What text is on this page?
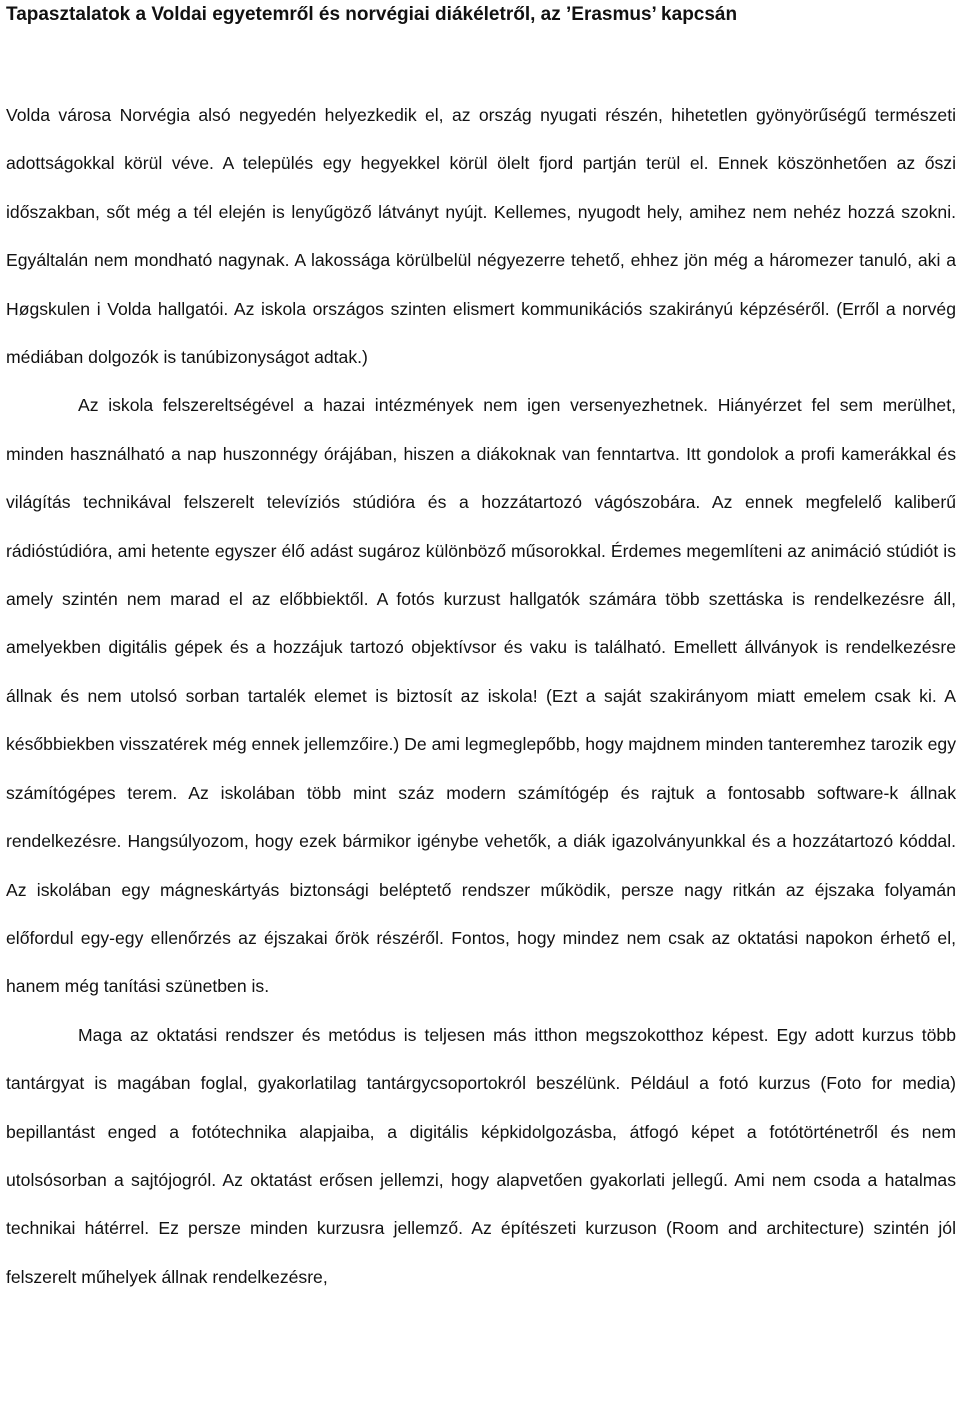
Tapasztalatok a Voldai egyetemről és norvégiai diákéletről, az ’Erasmus’ kapcsán

Volda városa Norvégia alsó negyedén helyezkedik el, az ország nyugati részén, hihetetlen gyönyörűségű természeti adottságokkal körül véve. A település egy hegyekkel körül ölelt fjord partján terül el. Ennek köszönhetően az őszi időszakban, sőt még a tél elején is lenyűgöző látványt nyújt. Kellemes, nyugodt hely, amihez nem nehéz hozzá szokni. Egyáltalán nem mondható nagynak. A lakossága körülbelül négyezerre tehető, ehhez jön még a háromezer tanuló, aki a Høgskulen i Volda hallgatói. Az iskola országos szinten elismert kommunikációs szakirányú képzéséről. (Erről a norvég médiában dolgozók is tanúbizonyságot adtak.)

Az iskola felszereltségével a hazai intézmények nem igen versenyezhetnek. Hiányérzet fel sem merülhet, minden használható a nap huszonnégy órájában, hiszen a diákoknak van fenntartva. Itt gondolok a profi kamerákkal és világítás technikával felszerelt televíziós stúdióra és a hozzátartozó vágószobára. Az ennek megfelelő kaliberű rádióstúdióra, ami hetente egyszer élő adást sugároz különböző műsorokkal. Érdemes megemlíteni az animáció stúdiót is amely szintén nem marad el az előbbiektől. A fotós kurzust hallgatók számára több szettáska is rendelkezésre áll, amelyekben digitális gépek és a hozzájuk tartozó objektívsor és vaku is található. Emellett állványok is rendelkezésre állnak és nem utolsó sorban tartalék elemet is biztosít az iskola! (Ezt a saját szakirányom miatt emelem csak ki. A későbbiekben visszatérek még ennek jellemzőire.) De ami legmeglepőbb, hogy majdnem minden tanteremhez tarozik egy számítógépes terem. Az iskolában több mint száz modern számítógép és rajtuk a fontosabb software-k állnak rendelkezésre. Hangsúlyozom, hogy ezek bármikor igénybe vehetők, a diák igazolványunkkal és a hozzátartozó kóddal. Az iskolában egy mágneskártyás biztonsági beléptető rendszer működik, persze nagy ritkán az éjszaka folyamán előfordul egy-egy ellenőrzés az éjszakai őrök részéről. Fontos, hogy mindez nem csak az oktatási napokon érhető el, hanem még tanítási szünetben is.

Maga az oktatási rendszer és metódus is teljesen más itthon megszokotthoz képest. Egy adott kurzus több tantárgyat is magában foglal, gyakorlatilag tantárgycsoportokról beszélünk. Például a fotó kurzus (Foto for media) bepillantást enged a fotótechnika alapjaiba, a digitális képkidolgozásba, átfogó képet a fotótörténetről és nem utolsósorban a sajtójogról. Az oktatást erősen jellemzi, hogy alapvetően gyakorlati jellegű. Ami nem csoda a hatalmas technikai hátérrel. Ez persze minden kurzusra jellemző. Az építészeti kurzuson (Room and architecture) szintén jól felszerelt műhelyek állnak rendelkezésre,
